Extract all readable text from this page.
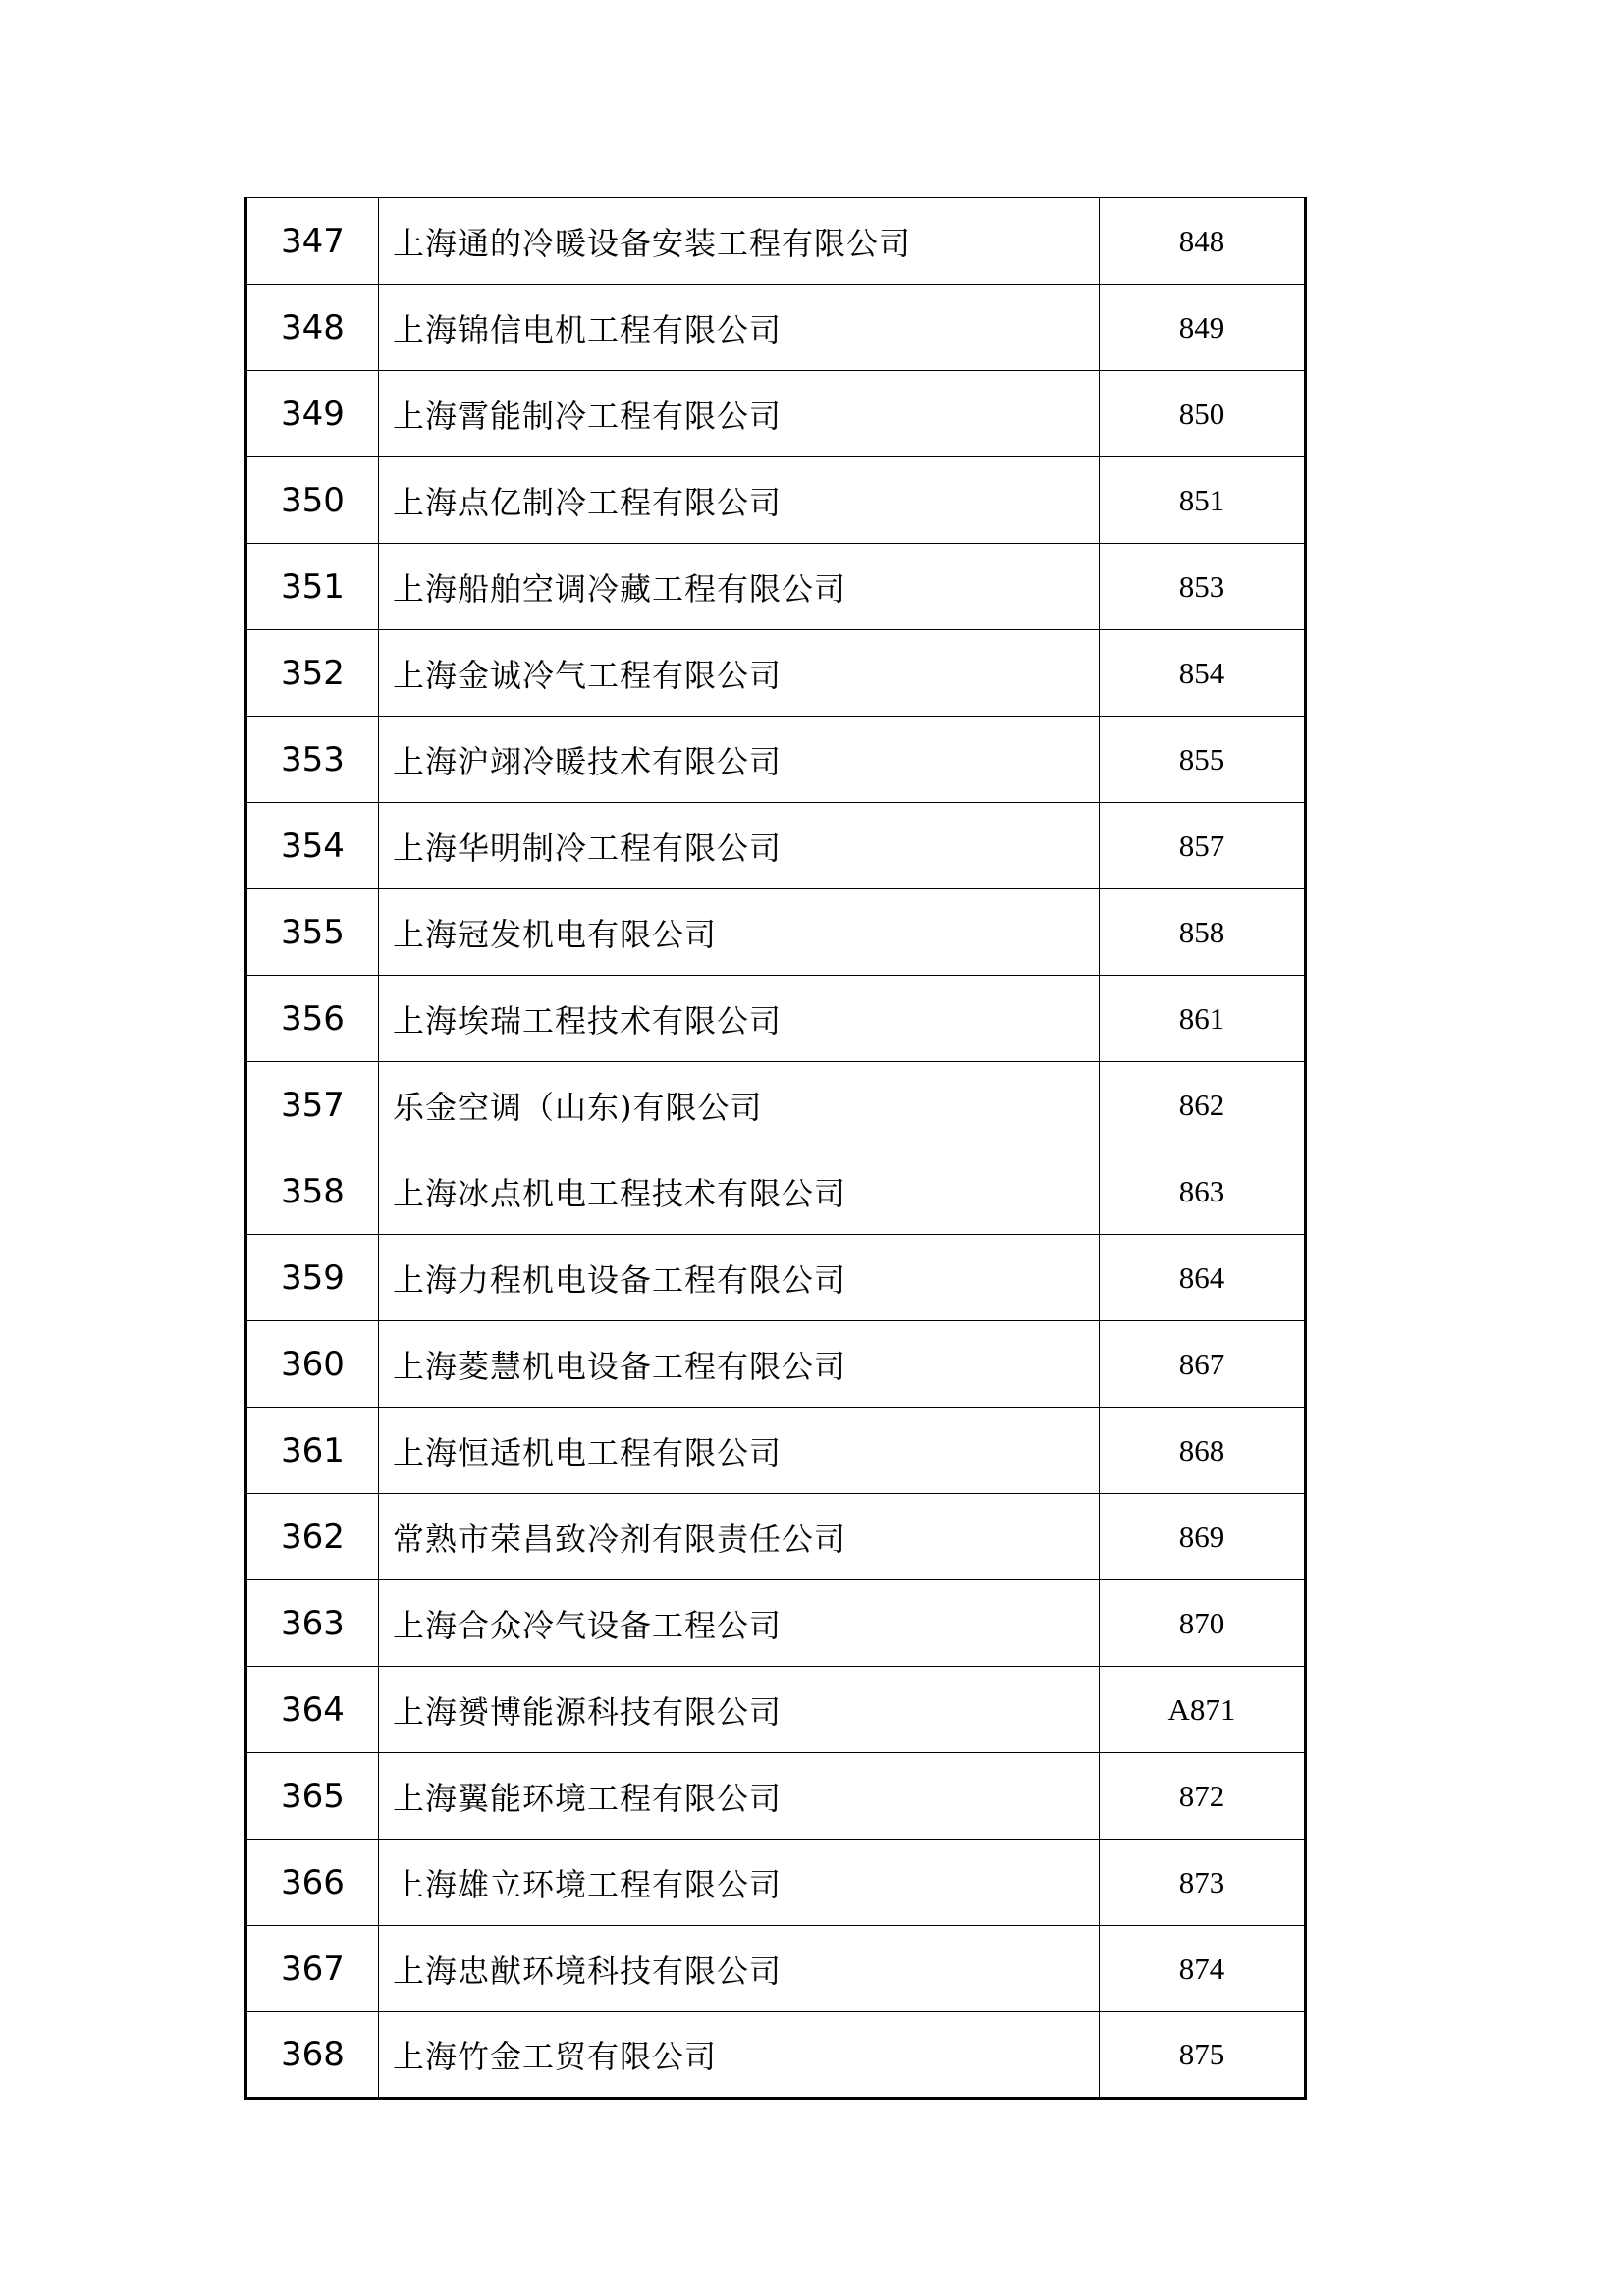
347	上海通的冷暖设备安装工程有限公司	848
348	上海锦信电机工程有限公司	849
349	上海霄能制冷工程有限公司	850
350	上海点亿制冷工程有限公司	851
351	上海船舶空调冷藏工程有限公司	853
352	上海金诚冷气工程有限公司	854
353	上海沪翊冷暖技术有限公司	855
354	上海华明制冷工程有限公司	857
355	上海冠发机电有限公司	858
356	上海埃瑞工程技术有限公司	861
357	乐金空调（山东)有限公司	862
358	上海冰点机电工程技术有限公司	863
359	上海力程机电设备工程有限公司	864
360	上海菱慧机电设备工程有限公司	867
361	上海恒适机电工程有限公司	868
362	常熟市荣昌致冷剂有限责任公司	869
363	上海合众冷气设备工程公司	870
364	上海赟博能源科技有限公司	A871
365	上海翼能环境工程有限公司	872
366	上海雄立环境工程有限公司	873
367	上海忠猷环境科技有限公司	874
368	上海竹金工贸有限公司	875
